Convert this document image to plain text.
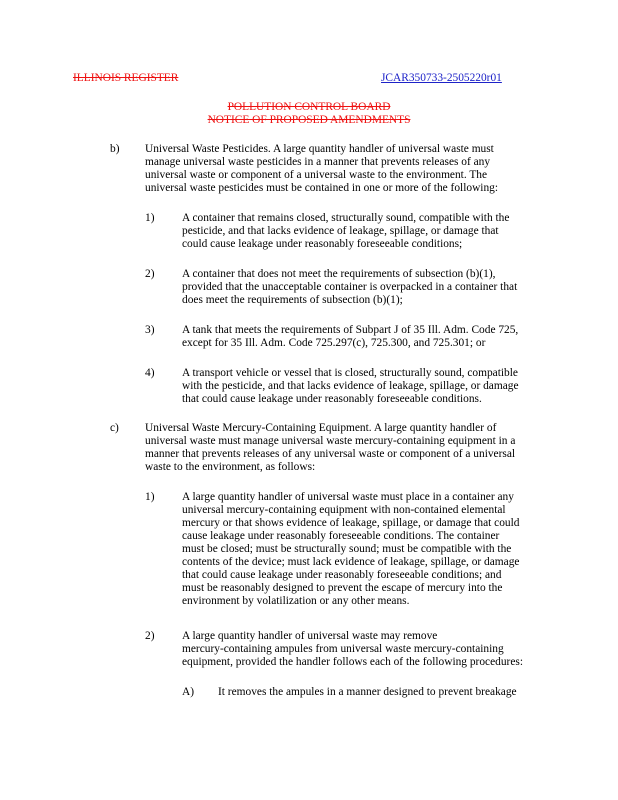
ILLINOIS REGISTER	JCAR350733-2505220r01
POLLUTION CONTROL BOARD
NOTICE OF PROPOSED AMENDMENTS
b) Universal Waste Pesticides. A large quantity handler of universal waste must
manage universal waste pesticides in a manner that prevents releases of any
universal waste or component of a universal waste to the environment. The
universal waste pesticides must be contained in one or more of the following:
1) A container that remains closed, structurally sound, compatible with the
pesticide, and that lacks evidence of leakage, spillage, or damage that
could cause leakage under reasonably foreseeable conditions;
2) A container that does not meet the requirements of subsection (b)(1),
provided that the unacceptable container is overpacked in a container that
does meet the requirements of subsection (b)(1);
3) A tank that meets the requirements of Subpart J of 35 Ill. Adm. Code 725,
except for 35 Ill. Adm. Code 725.297(c), 725.300, and 725.301; or
4) A transport vehicle or vessel that is closed, structurally sound, compatible
with the pesticide, and that lacks evidence of leakage, spillage, or damage
that could cause leakage under reasonably foreseeable conditions.
c) Universal Waste Mercury-Containing Equipment. A large quantity handler of
universal waste must manage universal waste mercury-containing equipment in a
manner that prevents releases of any universal waste or component of a universal
waste to the environment, as follows:
1) A large quantity handler of universal waste must place in a container any
universal mercury-containing equipment with non-contained elemental
mercury or that shows evidence of leakage, spillage, or damage that could
cause leakage under reasonably foreseeable conditions. The container
must be closed; must be structurally sound; must be compatible with the
contents of the device; must lack evidence of leakage, spillage, or damage
that could cause leakage under reasonably foreseeable conditions; and
must be reasonably designed to prevent the escape of mercury into the
environment by volatilization or any other means.
2) A large quantity handler of universal waste may remove
mercury-containing ampules from universal waste mercury-containing
equipment, provided the handler follows each of the following procedures:
A) It removes the ampules in a manner designed to prevent breakage
